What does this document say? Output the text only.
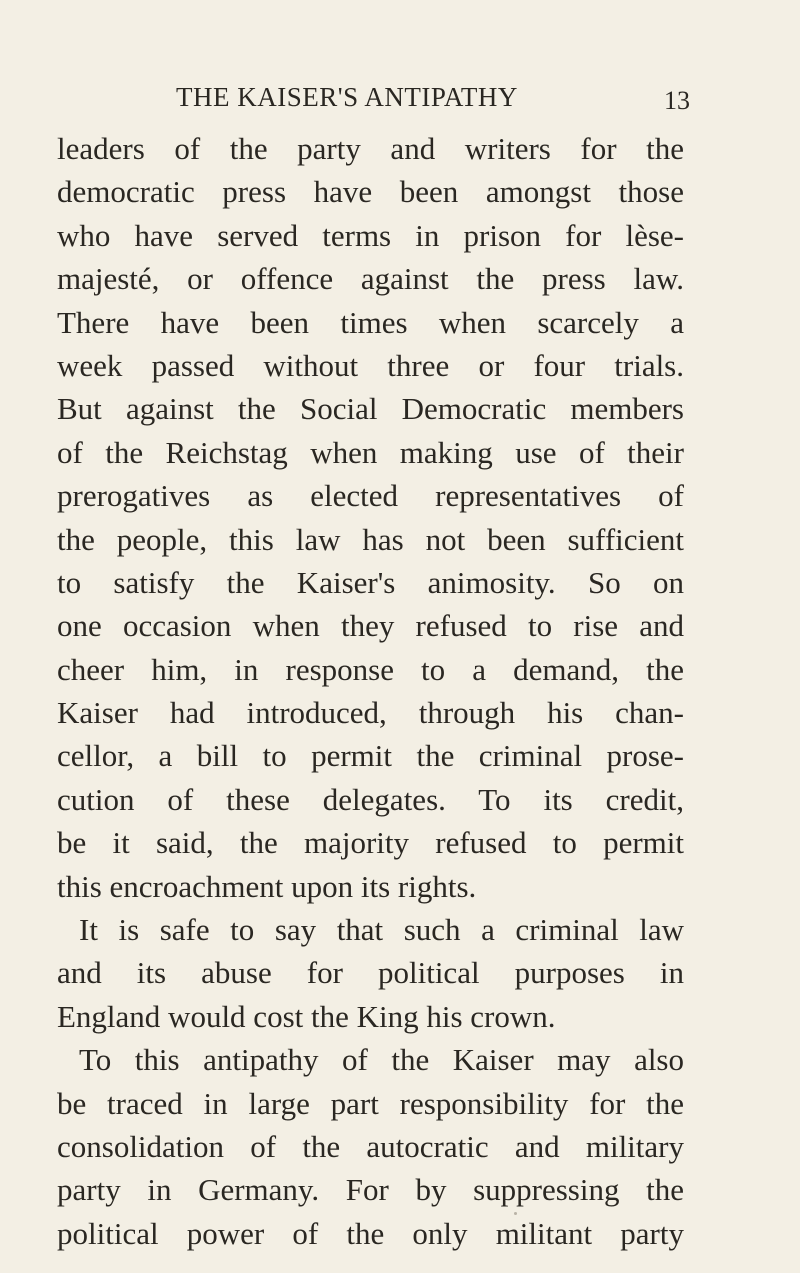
THE KAISER'S ANTIPATHY	13
leaders of the party and writers for the
democratic press have been amongst those
who have served terms in prison for lèse-
majesté, or offence against the press law.
There have been times when scarcely a
week passed without three or four trials.
But against the Social Democratic members
of the Reichstag when making use of their
prerogatives as elected representatives of
the people, this law has not been sufficient
to satisfy the Kaiser's animosity. So on
one occasion when they refused to rise and
cheer him, in response to a demand, the
Kaiser had introduced, through his chan-
cellor, a bill to permit the criminal prose-
cution of these delegates. To its credit,
be it said, the majority refused to permit
this encroachment upon its rights.
It is safe to say that such a criminal law
and its abuse for political purposes in
England would cost the King his crown.
To this antipathy of the Kaiser may also
be traced in large part responsibility for the
consolidation of the autocratic and military
party in Germany. For by suppressing the
political power of the only militant party
